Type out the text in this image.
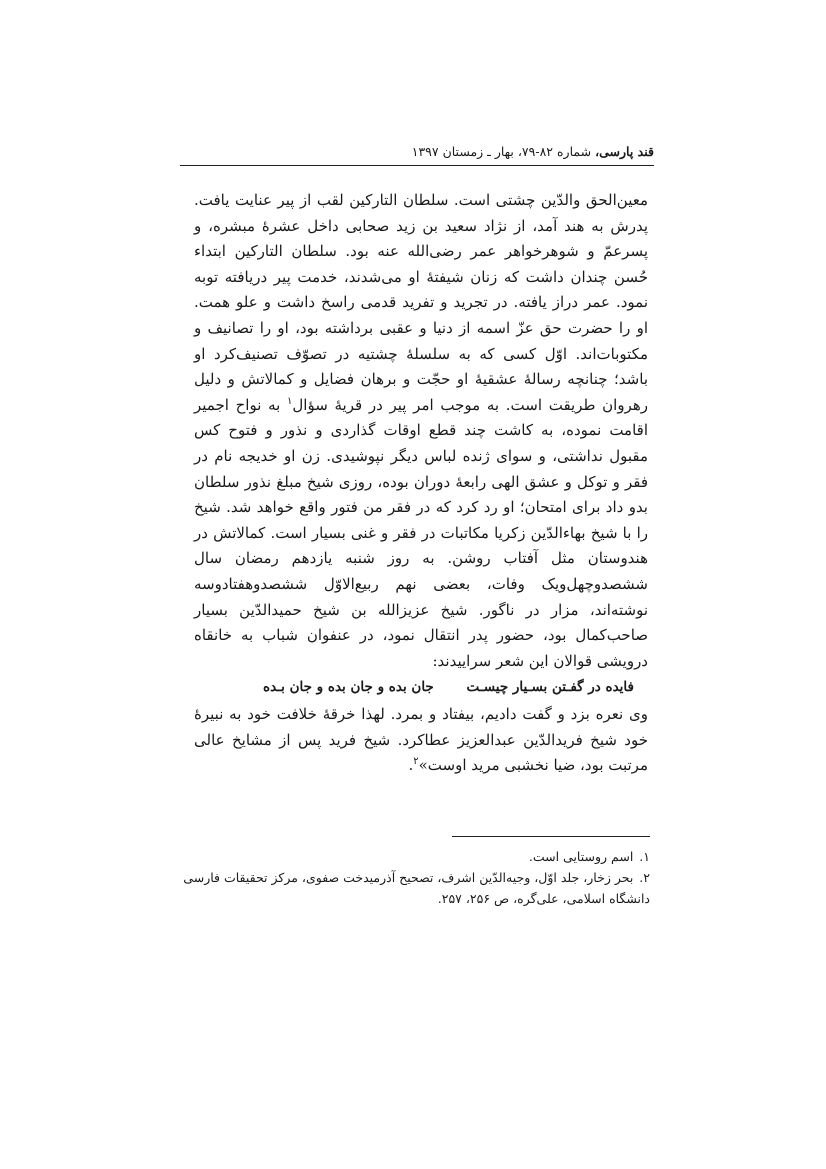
قند پارسی، شماره ۸۲-۷۹، بهار ـ زمستان ۱۳۹۷

معین‌الحق والدّین چشتی است. سلطان التارکین لقب از پیر عنایت یافت. پدرش به هند آمد، از نژاد سعید بن زید صحابی داخل عشرهٔ مبشره، و پسرعمّ و شوهرخواهر عمر رضی‌الله عنه بود. سلطان التارکین ابتداء حُسن چندان داشت که زنان شیفتهٔ او می‌شدند، خدمت پیر دریافته توبه نمود. عمر دراز یافته. در تجرید و تفرید قدمی راسخ داشت و علو همت. او را حضرت حق عزّ اسمه از دنیا و عقبی برداشته بود، او را تصانیف و مکتوبات‌اند. اوّل کسی که به سلسلهٔ چشتیه در تصوّف تصنیف‌کرد او باشد؛ چنانچه رسالهٔ عشقیهٔ او حجّت و برهان فضایل و کمالاتش و دلیل رهروان طریقت است. به موجب امر پیر در قریهٔ سؤال$^۱$ به نواح اجمیر اقامت نموده، به کاشت چند قطع اوقات گذاردی و نذور و فتوح کس مقبول نداشتی، و سوای ژنده لباس دیگر نپوشیدی. زن او خدیجه نام در فقر و توکل و عشق الهی رابعهٔ دوران بوده، روزی شیخ مبلغ نذور سلطان بدو داد برای امتحان؛ او رد کرد که در فقر من فتور واقع خواهد شد. شیخ را با شیخ بهاءالدّین زکریا مکاتبات در فقر و غنی بسیار است. کمالاتش در هندوستان مثل آفتاب روشن. به روز شنبه یازدهم رمضان سال ششصدوچهل‌ویک وفات، بعضی نهم ربیع‌الاوّل ششصدوهفتادوسه نوشته‌اند، مزار در ناگور. شیخ عزیزالله بن شیخ حمیدالدّین بسیار صاحب‌کمال بود، حضور پدر انتقال نمود، در عنفوان شباب به خانقاه درویشی قوالان این شعر سراییدند:

فایده در گفـتن بسـیار چیسـت جان بده و جان بده و جان بـده

وی نعره بزد و گفت دادیم، بیفتاد و بمرد. لهذا خرقهٔ خلافت خود به نبیرهٔ خود شیخ فریدالدّین عبدالعزیز عطاکرد. شیخ فرید پس از مشایخ عالی مرتبت بود، ضیا نخشبی مرید اوست»$^۲$.

۱.اسم روستایی است.

۲.بحر زخار، جلد اوّل، وجیه‌الدّین اشرف، تصحیح آذرمیدخت صفوی، مرکز تحقیقات فارسی دانشگاه اسلامی، علی‌گره، ص ۲۵۶، ۲۵۷.
